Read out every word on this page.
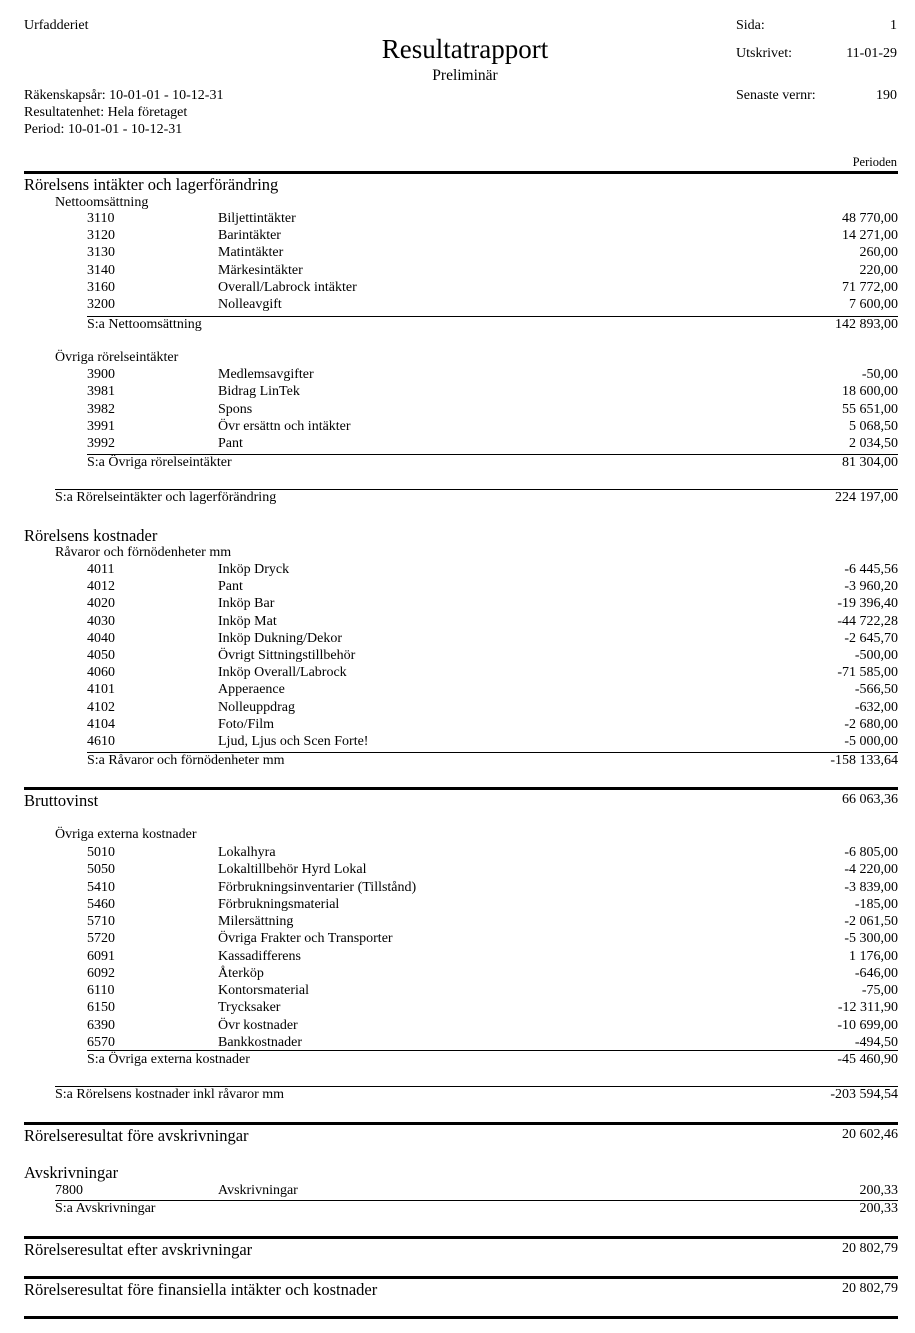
Urfadderiet
Resultatrapport
Preliminär
Sida:	1
Utskrivet:	11-01-29
Senaste vernr:	190
Räkenskapsår: 10-01-01 - 10-12-31
Resultatenhet: Hela företaget
Period: 10-01-01 - 10-12-31
Perioden
Rörelsens intäkter och lagerförändring
Nettoomsättning
3110	Biljettintäkter	48 770,00
3120	Barintäkter	14 271,00
3130	Matintäkter	260,00
3140	Märkesintäkter	220,00
3160	Overall/Labrock intäkter	71 772,00
3200	Nolleavgift	7 600,00
S:a Nettoomsättning	142 893,00
Övriga rörelseintäkter
3900	Medlemsavgifter	-50,00
3981	Bidrag LinTek	18 600,00
3982	Spons	55 651,00
3991	Övr ersättn och intäkter	5 068,50
3992	Pant	2 034,50
S:a Övriga rörelseintäkter	81 304,00
S:a Rörelseintäkter och lagerförändring	224 197,00
Rörelsens kostnader
Råvaror och förnödenheter mm
4011	Inköp Dryck	-6 445,56
4012	Pant	-3 960,20
4020	Inköp Bar	-19 396,40
4030	Inköp Mat	-44 722,28
4040	Inköp Dukning/Dekor	-2 645,70
4050	Övrigt Sittningstillbehör	-500,00
4060	Inköp Overall/Labrock	-71 585,00
4101	Apperaence	-566,50
4102	Nolleuppdrag	-632,00
4104	Foto/Film	-2 680,00
4610	Ljud, Ljus och Scen Forte!	-5 000,00
S:a Råvaror och förnödenheter mm	-158 133,64
Bruttovinst	66 063,36
Övriga externa kostnader
5010	Lokalhyra	-6 805,00
5050	Lokaltillbehör Hyrd Lokal	-4 220,00
5410	Förbrukningsinventarier (Tillstånd)	-3 839,00
5460	Förbrukningsmaterial	-185,00
5710	Milersättning	-2 061,50
5720	Övriga Frakter och Transporter	-5 300,00
6091	Kassadifferens	1 176,00
6092	Återköp	-646,00
6110	Kontorsmaterial	-75,00
6150	Trycksaker	-12 311,90
6390	Övr kostnader	-10 699,00
6570	Bankkostnader	-494,50
S:a Övriga externa kostnader	-45 460,90
S:a Rörelsens kostnader inkl råvaror mm	-203 594,54
Rörelseresultat före avskrivningar	20 602,46
Avskrivningar
7800	Avskrivningar	200,33
S:a Avskrivningar	200,33
Rörelseresultat efter avskrivningar	20 802,79
Rörelseresultat före finansiella intäkter och kostnader	20 802,79
